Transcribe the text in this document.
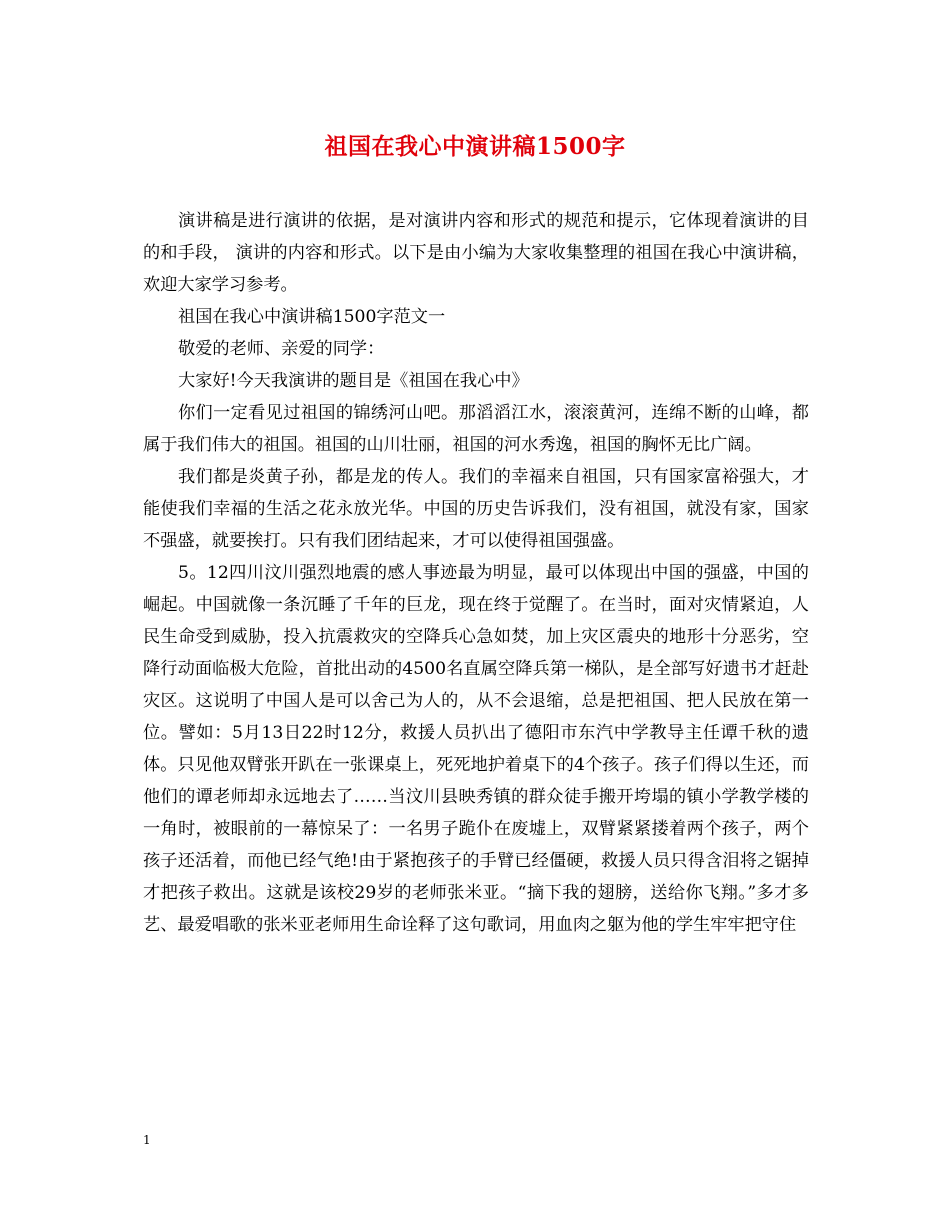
祖国在我心中演讲稿1500字

演讲稿是进行演讲的依据，是对演讲内容和形式的规范和提示，它体现着演讲的目的和手段， 演讲的内容和形式。以下是由小编为大家收集整理的祖国在我心中演讲稿，欢迎大家学习参考。

祖国在我心中演讲稿1500字范文一

敬爱的老师、亲爱的同学：

大家好!今天我演讲的题目是《祖国在我心中》

你们一定看见过祖国的锦绣河山吧。那滔滔江水，滚滚黄河，连绵不断的山峰，都属于我们伟大的祖国。祖国的山川壮丽，祖国的河水秀逸，祖国的胸怀无比广阔。

我们都是炎黄子孙，都是龙的传人。我们的幸福来自祖国，只有国家富裕强大，才能使我们幸福的生活之花永放光华。中国的历史告诉我们，没有祖国，就没有家，国家不强盛，就要挨打。只有我们团结起来，才可以使得祖国强盛。

5。12四川汶川强烈地震的感人事迹最为明显，最可以体现出中国的强盛，中国的崛起。中国就像一条沉睡了千年的巨龙，现在终于觉醒了。在当时，面对灾情紧迫，人民生命受到威胁，投入抗震救灾的空降兵心急如焚，加上灾区震央的地形十分恶劣，空降行动面临极大危险，首批出动的4500名直属空降兵第一梯队，是全部写好遗书才赶赴灾区。这说明了中国人是可以舍己为人的，从不会退缩，总是把祖国、把人民放在第一位。譬如：5月13日22时12分，救援人员扒出了德阳市东汽中学教导主任谭千秋的遗体。只见他双臂张开趴在一张课桌上，死死地护着桌下的4个孩子。孩子们得以生还，而他们的谭老师却永远地去了……当汶川县映秀镇的群众徒手搬开垮塌的镇小学教学楼的一角时，被眼前的一幕惊呆了：一名男子跪仆在废墟上，双臂紧紧搂着两个孩子，两个孩子还活着，而他已经气绝!由于紧抱孩子的手臂已经僵硬，救援人员只得含泪将之锯掉才把孩子救出。这就是该校29岁的老师张米亚。“摘下我的翅膀，送给你飞翔。”多才多艺、最爱唱歌的张米亚老师用生命诠释了这句歌词，用血肉之躯为他的学生牢牢把守住

1
